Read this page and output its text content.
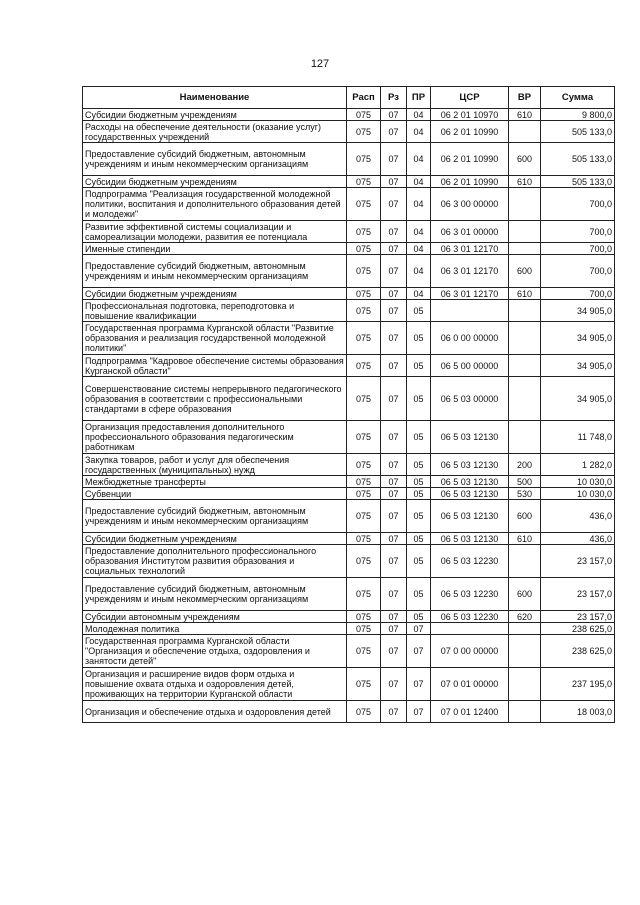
127
Наименование	Расп	Рз	ПР	ЦСР	ВР	Сумма
Субсидии бюджетным учреждениям	075	07	04	06 2 01 10970	610	9 800,0
Расходы на обеспечение деятельности (оказание услуг) государственных учреждений	075	07	04	06 2 01 10990		505 133,0
Предоставление субсидий бюджетным, автономным учреждениям и иным некоммерческим организациям	075	07	04	06 2 01 10990	600	505 133,0
Субсидии бюджетным учреждениям	075	07	04	06 2 01 10990	610	505 133,0
Подпрограмма "Реализация государственной молодежной политики, воспитания и дополнительного образования детей и молодежи"	075	07	04	06 3 00 00000		700,0
Развитие эффективной системы социализации и самореализации молодежи, развития ее потенциала	075	07	04	06 3 01 00000		700,0
Именные стипендии	075	07	04	06 3 01 12170		700,0
Предоставление субсидий бюджетным, автономным учреждениям и иным некоммерческим организациям	075	07	04	06 3 01 12170	600	700,0
Субсидии бюджетным учреждениям	075	07	04	06 3 01 12170	610	700,0
Профессиональная подготовка, переподготовка и повышение квалификации	075	07	05			34 905,0
Государственная программа Курганской области "Развитие образования и реализация государственной молодежной политики"	075	07	05	06 0 00 00000		34 905,0
Подпрограмма "Кадровое обеспечение системы образования Курганской области"	075	07	05	06 5 00 00000		34 905,0
Совершенствование системы непрерывного педагогического образования в соответствии с профессиональными стандартами в сфере образования	075	07	05	06 5 03 00000		34 905,0
Организация предоставления дополнительного профессионального образования педагогическим работникам	075	07	05	06 5 03 12130		11 748,0
Закупка товаров, работ и услуг для обеспечения государственных (муниципальных) нужд	075	07	05	06 5 03 12130	200	1 282,0
Межбюджетные трансферты	075	07	05	06 5 03 12130	500	10 030,0
Субвенции	075	07	05	06 5 03 12130	530	10 030,0
Предоставление субсидий бюджетным, автономным учреждениям и иным некоммерческим организациям	075	07	05	06 5 03 12130	600	436,0
Субсидии бюджетным учреждениям	075	07	05	06 5 03 12130	610	436,0
Предоставление дополнительного профессионального образования Институтом развития образования и социальных технологий	075	07	05	06 5 03 12230		23 157,0
Предоставление субсидий бюджетным, автономным учреждениям и иным некоммерческим организациям	075	07	05	06 5 03 12230	600	23 157,0
Субсидии автономным учреждениям	075	07	05	06 5 03 12230	620	23 157,0
Молодежная политика	075	07	07			238 625,0
Государственная программа Курганской области "Организация и обеспечение отдыха, оздоровления и занятости детей"	075	07	07	07 0 00 00000		238 625,0
Организация и расширение видов форм отдыха и повышение охвата отдыха и оздоровления детей, проживающих на территории Курганской области	075	07	07	07 0 01 00000		237 195,0
Организация и обеспечение отдыха и оздоровления детей	075	07	07	07 0 01 12400		18 003,0
